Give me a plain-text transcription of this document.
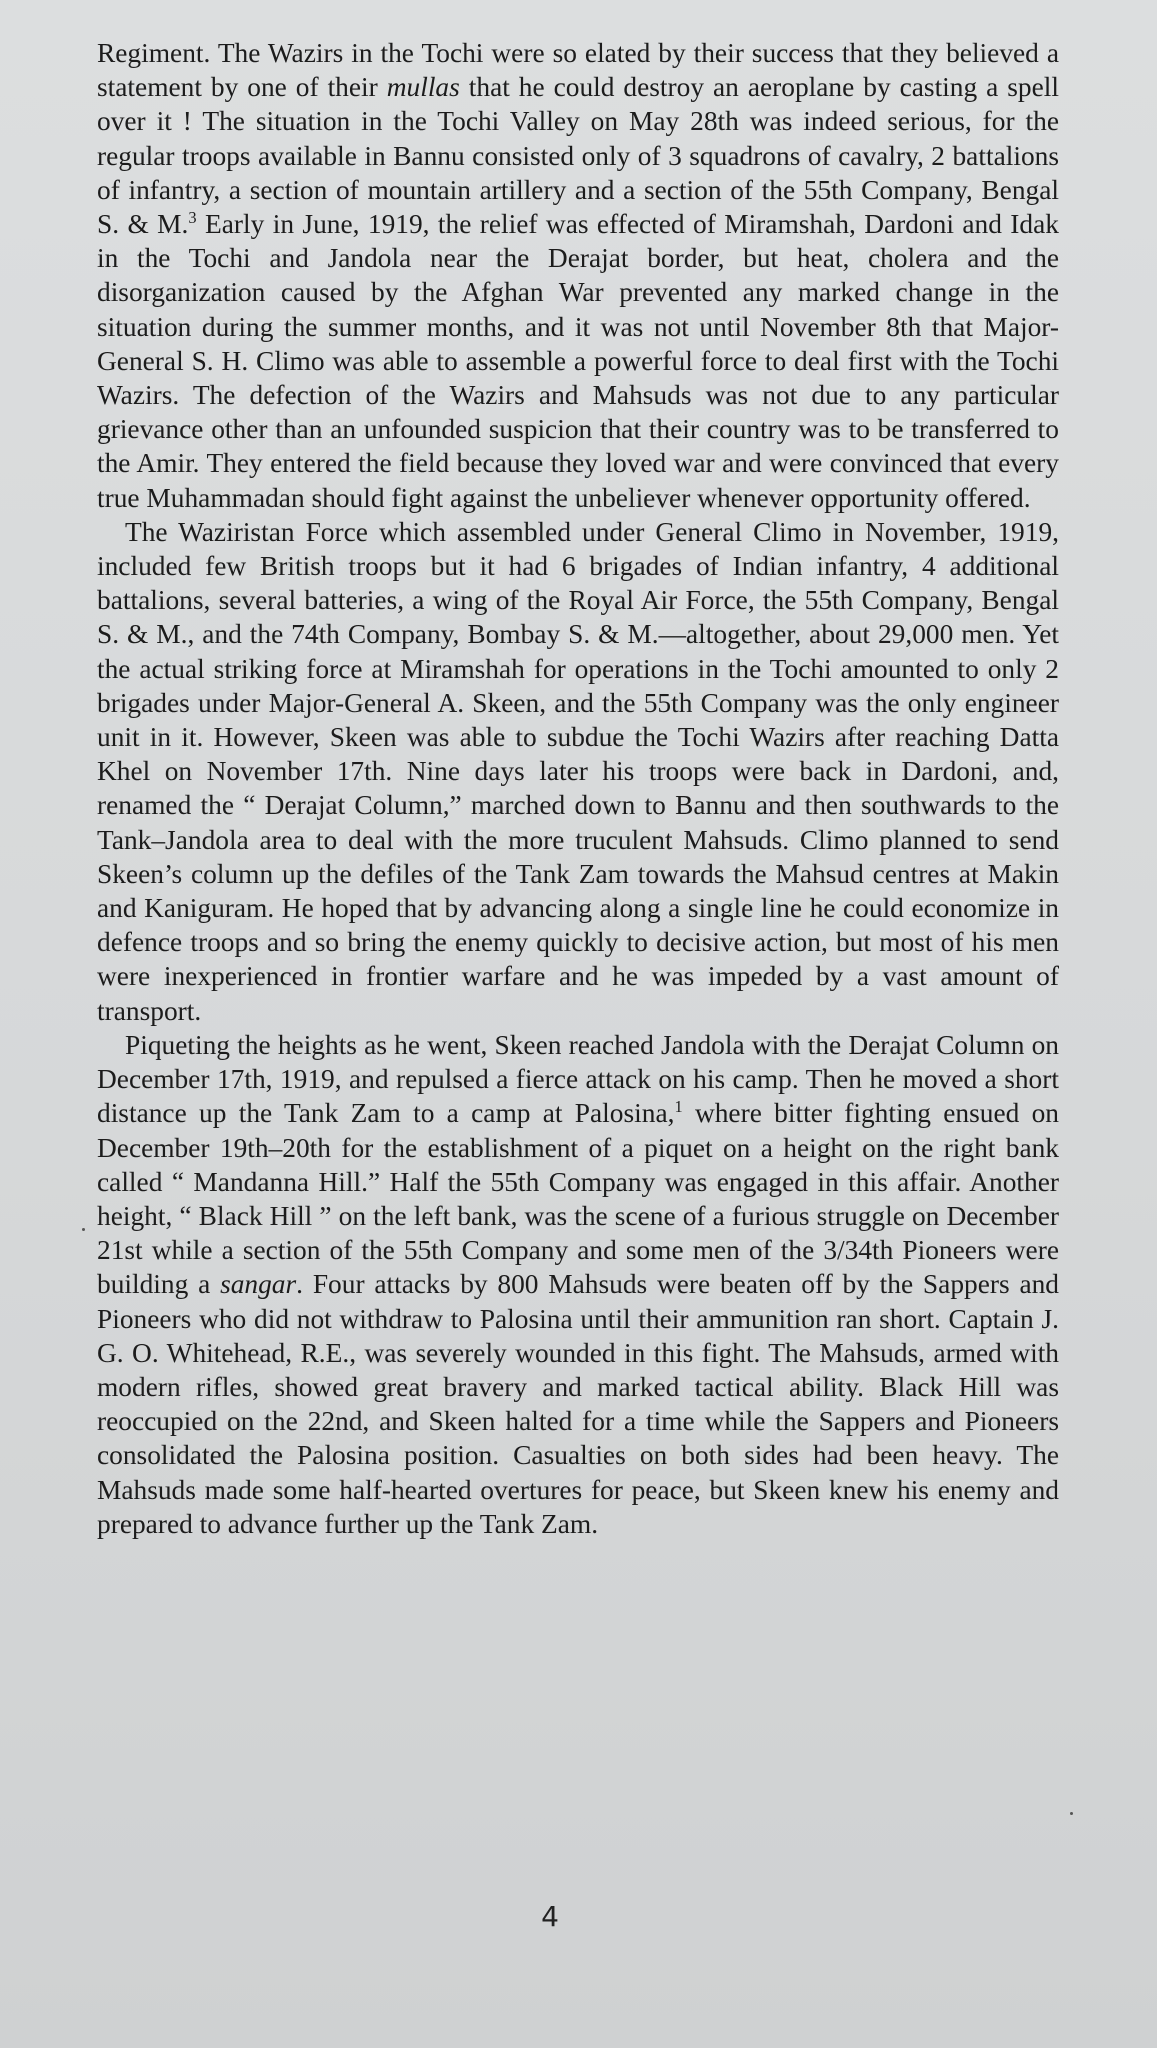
Regiment. The Wazirs in the Tochi were so elated by their success that they believed a statement by one of their mullas that he could destroy an aeroplane by casting a spell over it ! The situation in the Tochi Valley on May 28th was indeed serious, for the regular troops available in Bannu consisted only of 3 squadrons of cavalry, 2 battalions of infantry, a section of mountain artillery and a section of the 55th Company, Bengal S. & M.$^3$ Early in June, 1919, the relief was effected of Miramshah, Dardoni and Idak in the Tochi and Jandola near the Derajat border, but heat, cholera and the disorganization caused by the Afghan War prevented any marked change in the situation during the summer months, and it was not until November 8th that Major-General S. H. Climo was able to assemble a powerful force to deal first with the Tochi Wazirs. The defection of the Wazirs and Mahsuds was not due to any particular grievance other than an unfounded suspicion that their country was to be transferred to the Amir. They entered the field because they loved war and were convinced that every true Muhammadan should fight against the unbeliever whenever opportunity offered.

The Waziristan Force which assembled under General Climo in November, 1919, included few British troops but it had 6 brigades of Indian infantry, 4 additional battalions, several batteries, a wing of the Royal Air Force, the 55th Company, Bengal S. & M., and the 74th Company, Bombay S. & M.—altogether, about 29,000 men. Yet the actual striking force at Miramshah for operations in the Tochi amounted to only 2 brigades under Major-General A. Skeen, and the 55th Company was the only engineer unit in it. However, Skeen was able to subdue the Tochi Wazirs after reaching Datta Khel on November 17th. Nine days later his troops were back in Dardoni, and, renamed the “ Derajat Column,” marched down to Bannu and then southwards to the Tank–Jandola area to deal with the more truculent Mahsuds. Climo planned to send Skeen’s column up the defiles of the Tank Zam towards the Mahsud centres at Makin and Kaniguram. He hoped that by advancing along a single line he could economize in defence troops and so bring the enemy quickly to decisive action, but most of his men were inexperienced in frontier warfare and he was impeded by a vast amount of transport.

Piqueting the heights as he went, Skeen reached Jandola with the Derajat Column on December 17th, 1919, and repulsed a fierce attack on his camp. Then he moved a short distance up the Tank Zam to a camp at Palosina,$^1$ where bitter fighting ensued on December 19th–20th for the establishment of a piquet on a height on the right bank called “ Mandanna Hill.” Half the 55th Company was engaged in this affair. Another height, “ Black Hill ” on the left bank, was the scene of a furious struggle on December 21st while a section of the 55th Company and some men of the 3/34th Pioneers were building a sangar. Four attacks by 800 Mahsuds were beaten off by the Sappers and Pioneers who did not withdraw to Palosina until their ammunition ran short. Captain J. G. O. Whitehead, R.E., was severely wounded in this fight. The Mahsuds, armed with modern rifles, showed great bravery and marked tactical ability. Black Hill was reoccupied on the 22nd, and Skeen halted for a time while the Sappers and Pioneers consolidated the Palosina position. Casualties on both sides had been heavy. The Mahsuds made some half-hearted overtures for peace, but Skeen knew his enemy and prepared to advance further up the Tank Zam.

4
